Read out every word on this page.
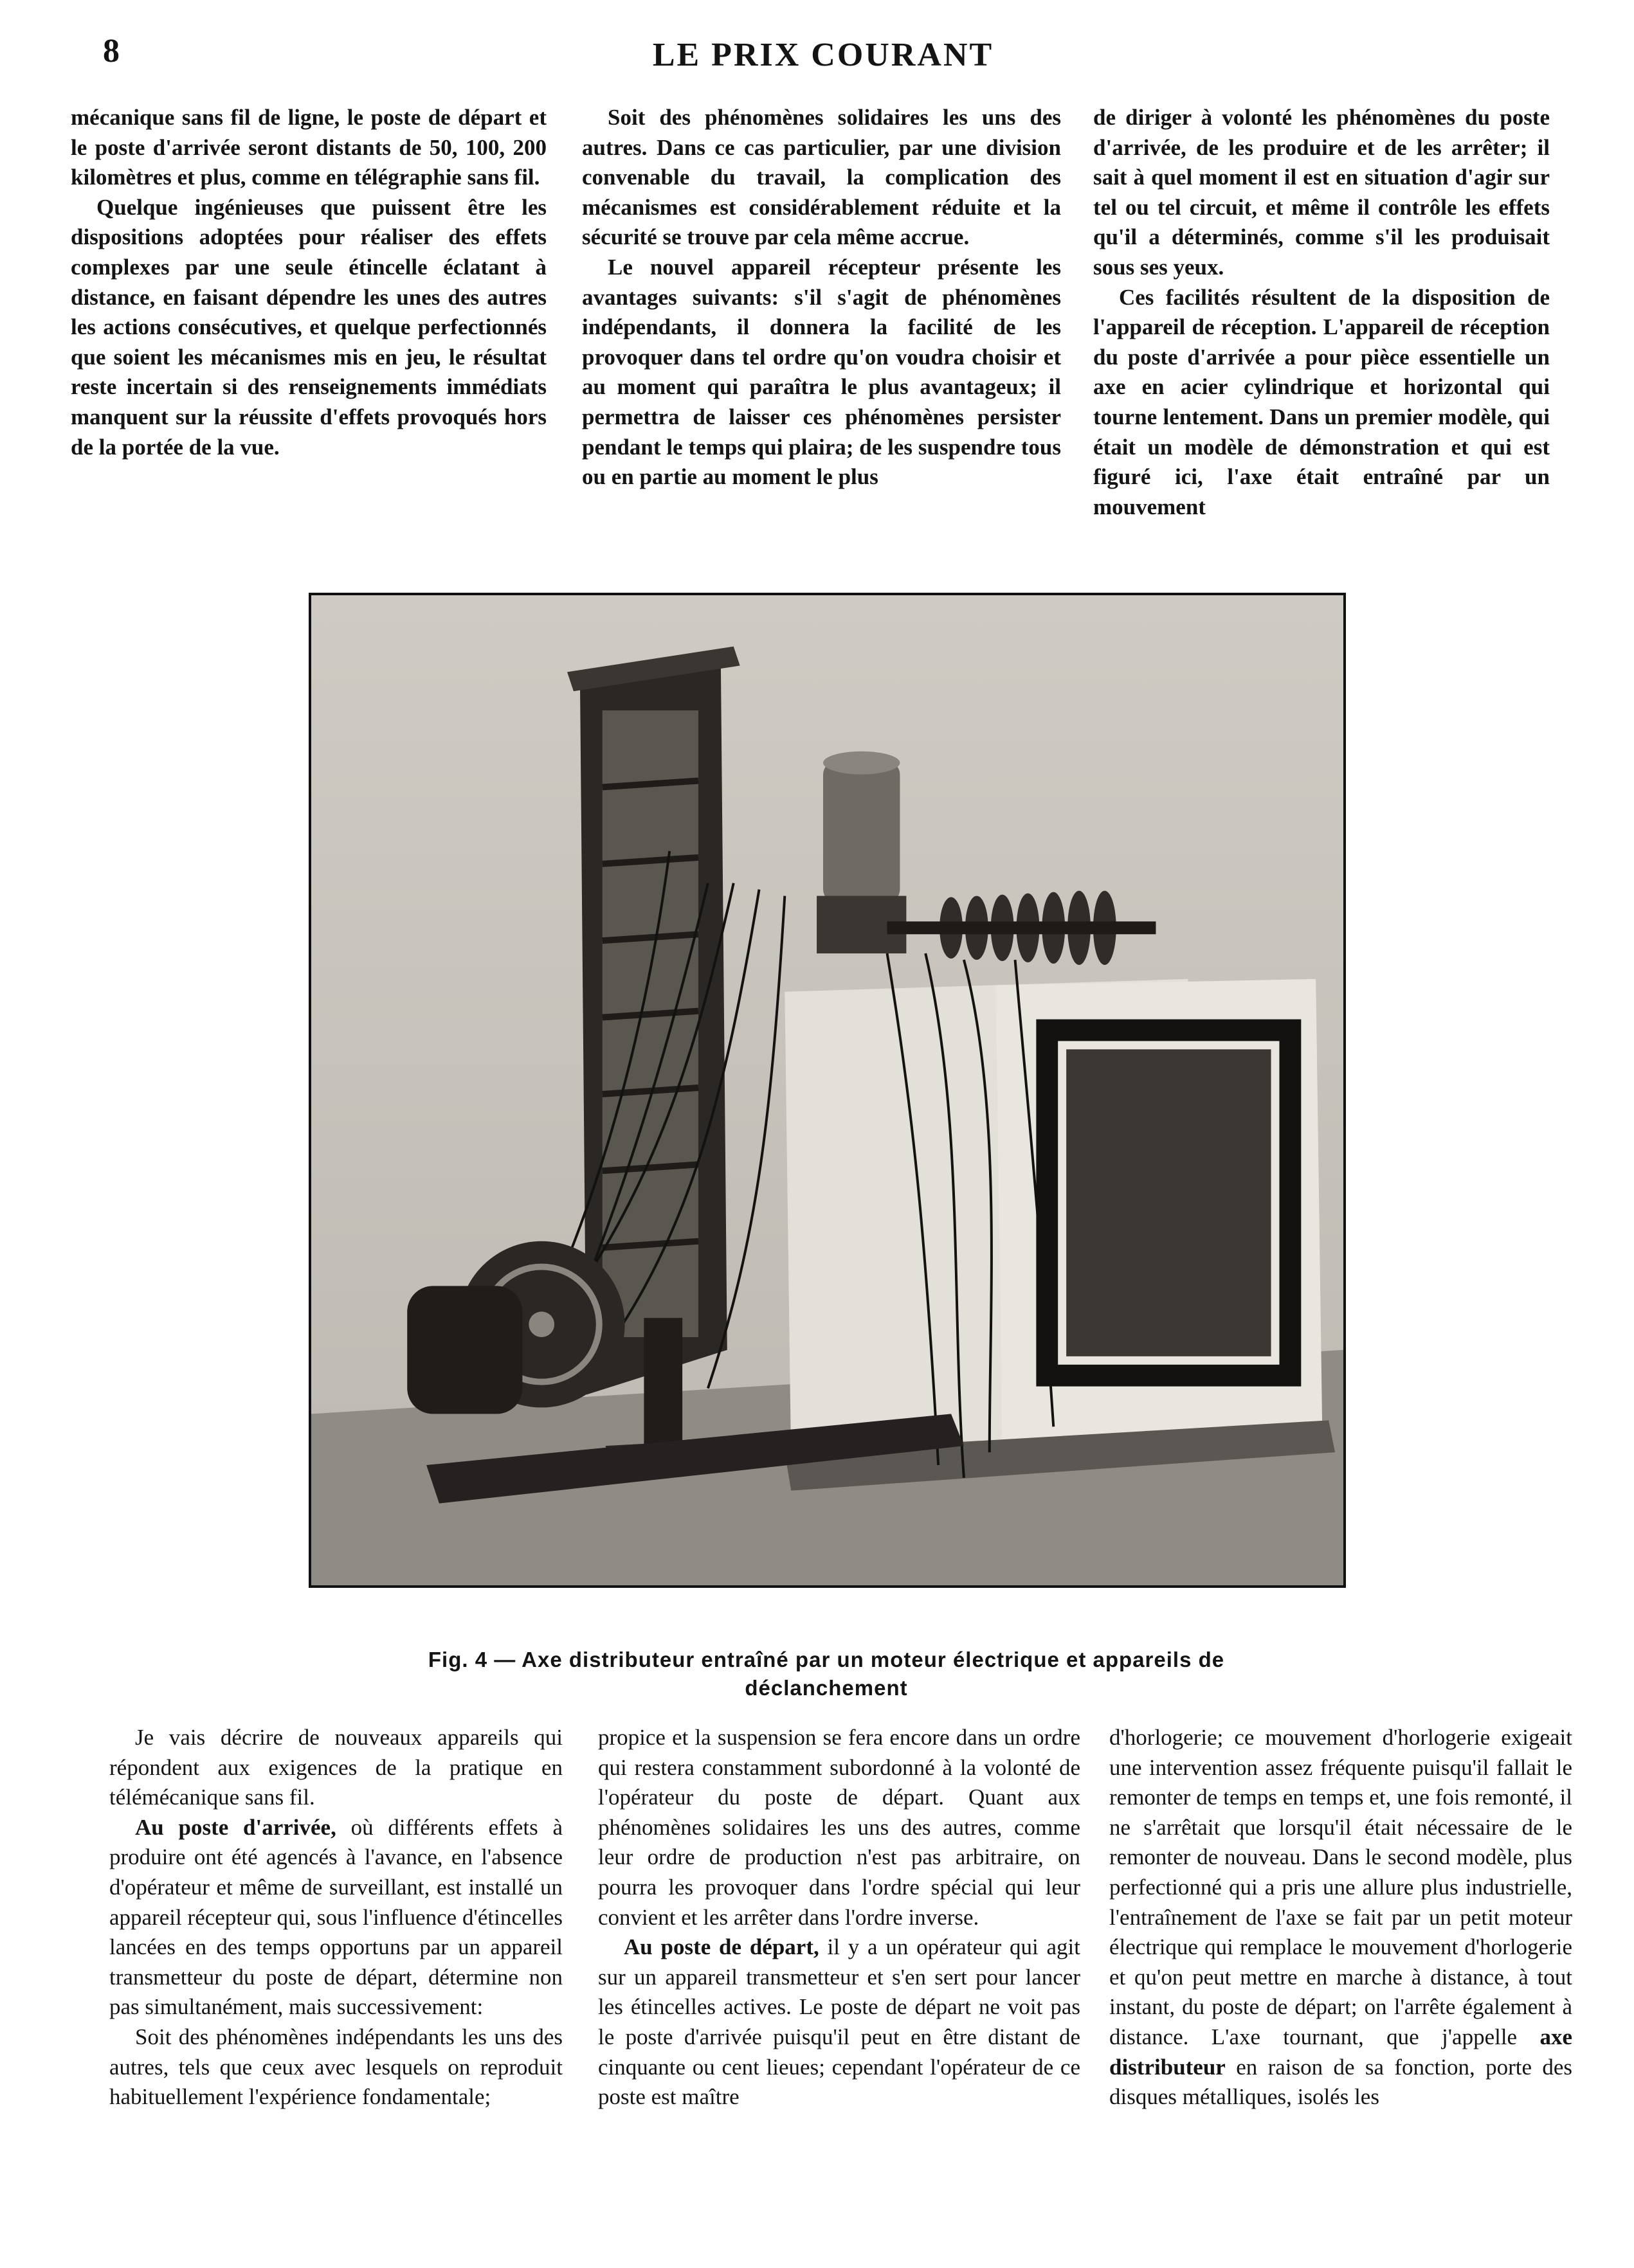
8	LE PRIX COURANT

mécanique sans fil de ligne, le poste de départ et le poste d'arrivée seront distants de 50, 100, 200 kilomètres et plus, comme en télégraphie sans fil.

Quelque ingénieuses que puissent être les dispositions adoptées pour réaliser des effets complexes par une seule étincelle éclatant à distance, en faisant dépendre les unes des autres les actions consécutives, et quelque perfectionnés que soient les mécanismes mis en jeu, le résultat reste incertain si des renseignements immédiats manquent sur la réussite d'effets provoqués hors de la portée de la vue.

Soit des phénomènes solidaires les uns des autres. Dans ce cas particulier, par une division convenable du travail, la complication des mécanismes est considérablement réduite et la sécurité se trouve par cela même accrue.

Le nouvel appareil récepteur présente les avantages suivants: s'il s'agit de phénomènes indépendants, il donnera la facilité de les provoquer dans tel ordre qu'on voudra choisir et au moment qui paraîtra le plus avantageux; il permettra de laisser ces phénomènes persister pendant le temps qui plaira; de les suspendre tous ou en partie au moment le plus

de diriger à volonté les phénomènes du poste d'arrivée, de les produire et de les arrêter; il sait à quel moment il est en situation d'agir sur tel ou tel circuit, et même il contrôle les effets qu'il a déterminés, comme s'il les produisait sous ses yeux.

Ces facilités résultent de la disposition de l'appareil de réception. L'appareil de réception du poste d'arrivée a pour pièce essentielle un axe en acier cylindrique et horizontal qui tourne lentement. Dans un premier modèle, qui était un modèle de démonstration et qui est figuré ici, l'axe était entraîné par un mouvement

Fig. 4 — Axe distributeur entraîné par un moteur électrique et appareils de déclanchement

Je vais décrire de nouveaux appareils qui répondent aux exigences de la pratique en télémécanique sans fil.

Au poste d'arrivée, où différents effets à produire ont été agencés à l'avance, en l'absence d'opérateur et même de surveillant, est installé un appareil récepteur qui, sous l'influence d'étincelles lancées en des temps opportuns par un appareil transmetteur du poste de départ, détermine non pas simultanément, mais successivement:

Soit des phénomènes indépendants les uns des autres, tels que ceux avec lesquels on reproduit habituellement l'expérience fondamentale;

propice et la suspension se fera encore dans un ordre qui restera constamment subordonné à la volonté de l'opérateur du poste de départ. Quant aux phénomènes solidaires les uns des autres, comme leur ordre de production n'est pas arbitraire, on pourra les provoquer dans l'ordre spécial qui leur convient et les arrêter dans l'ordre inverse.

Au poste de départ, il y a un opérateur qui agit sur un appareil transmetteur et s'en sert pour lancer les étincelles actives. Le poste de départ ne voit pas le poste d'arrivée puisqu'il peut en être distant de cinquante ou cent lieues; cependant l'opérateur de ce poste est maître

d'horlogerie; ce mouvement d'horlogerie exigeait une intervention assez fréquente puisqu'il fallait le remonter de temps en temps et, une fois remonté, il ne s'arrêtait que lorsqu'il était nécessaire de le remonter de nouveau. Dans le second modèle, plus perfectionné qui a pris une allure plus industrielle, l'entraînement de l'axe se fait par un petit moteur électrique qui remplace le mouvement d'horlogerie et qu'on peut mettre en marche à distance, à tout instant, du poste de départ; on l'arrête également à distance. L'axe tournant, que j'appelle axe distributeur en raison de sa fonction, porte des disques métalliques, isolés les
